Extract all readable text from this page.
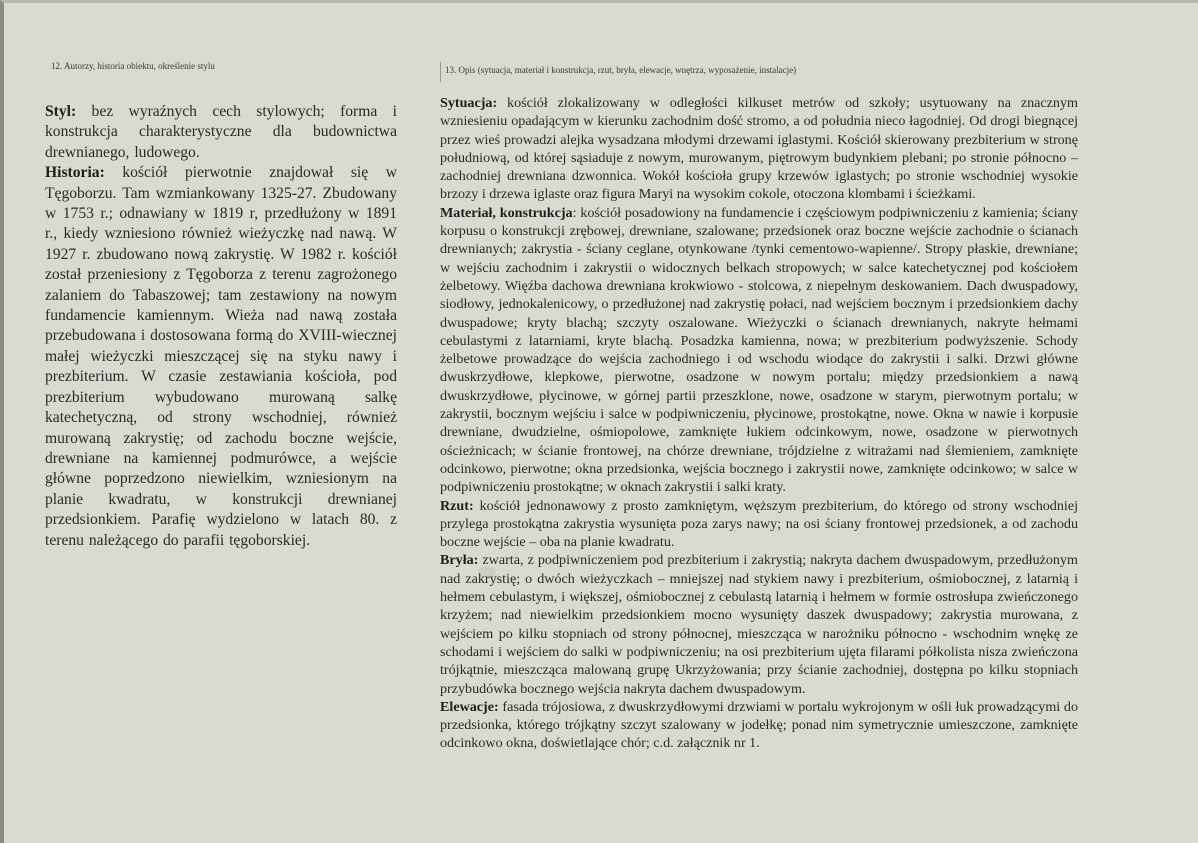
12. Autorzy, historia obiektu, określenie stylu

Styl: bez wyraźnych cech stylowych; forma i konstrukcja charakterystyczne dla budownictwa drewnianego, ludowego.

Historia: kościół pierwotnie znajdował się w Tęgoborzu. Tam wzmiankowany 1325-27. Zbudowany w 1753 r.; odnawiany w 1819 r, przedłużony w 1891 r., kiedy wzniesiono również wieżyczkę nad nawą. W 1927 r. zbudowano nową zakrystię. W 1982 r. kościół został przeniesiony z Tęgoborza z terenu zagrożonego zalaniem do Tabaszowej; tam zestawiony na nowym fundamencie kamiennym. Wieża nad nawą została przebudowana i dostosowana formą do XVIII-wiecznej małej wieżyczki mieszczącej się na styku nawy i prezbiterium. W czasie zestawiania kościoła, pod prezbiterium wybudowano murowaną salkę katechetyczną, od strony wschodniej, również murowaną zakrystię; od zachodu boczne wejście, drewniane na kamiennej podmurówce, a wejście główne poprzedzono niewielkim, wzniesionym na planie kwadratu, w konstrukcji drewnianej przedsionkiem. Parafię wydzielono w latach 80. z terenu należącego do parafii tęgoborskiej.

13. Opis (sytuacja, materiał i konstrukcja, rzut, bryła, elewacje, wnętrza, wyposażenie, instalacje)

Sytuacja: kościół zlokalizowany w odległości kilkuset metrów od szkoły; usytuowany na znacznym wzniesieniu opadającym w kierunku zachodnim dość stromo, a od południa nieco łagodniej. Od drogi biegnącej przez wieś prowadzi alejka wysadzana młodymi drzewami iglastymi. Kościół skierowany prezbiterium w stronę południową, od której sąsiaduje z nowym, murowanym, piętrowym budynkiem plebani; po stronie północno – zachodniej drewniana dzwonnica. Wokół kościoła grupy krzewów iglastych; po stronie wschodniej wysokie brzozy i drzewa iglaste oraz figura Maryi na wysokim cokole, otoczona klombami i ścieżkami.

Materiał, konstrukcja: kościół posadowiony na fundamencie i częściowym podpiwniczeniu z kamienia; ściany korpusu o konstrukcji zrębowej, drewniane, szalowane; przedsionek oraz boczne wejście zachodnie o ścianach drewnianych; zakrystia - ściany ceglane, otynkowane /tynki cementowo-wapienne/. Stropy płaskie, drewniane; w wejściu zachodnim i zakrystii o widocznych belkach stropowych; w salce katechetycznej pod kościołem żelbetowy. Więźba dachowa drewniana krokwiowo - stolcowa, z niepełnym deskowaniem. Dach dwuspadowy, siodłowy, jednokalenicowy, o przedłużonej nad zakrystię połaci, nad wejściem bocznym i przedsionkiem dachy dwuspadowe; kryty blachą; szczyty oszalowane. Wieżyczki o ścianach drewnianych, nakryte hełmami cebulastymi z latarniami, kryte blachą. Posadzka kamienna, nowa; w prezbiterium podwyższenie. Schody żelbetowe prowadzące do wejścia zachodniego i od wschodu wiodące do zakrystii i salki. Drzwi główne dwuskrzydłowe, klepkowe, pierwotne, osadzone w nowym portalu; między przedsionkiem a nawą dwuskrzydłowe, płycinowe, w górnej partii przeszklone, nowe, osadzone w starym, pierwotnym portalu; w zakrystii, bocznym wejściu i salce w podpiwniczeniu, płycinowe, prostokątne, nowe. Okna w nawie i korpusie drewniane, dwudzielne, ośmiopolowe, zamknięte łukiem odcinkowym, nowe, osadzone w pierwotnych ościeżnicach; w ścianie frontowej, na chórze drewniane, trójdzielne z witrażami nad ślemieniem, zamknięte odcinkowo, pierwotne; okna przedsionka, wejścia bocznego i zakrystii nowe, zamknięte odcinkowo; w salce w podpiwniczeniu prostokątne; w oknach zakrystii i salki kraty.

Rzut: kościół jednonawowy z prosto zamkniętym, węższym prezbiterium, do którego od strony wschodniej przylega prostokątna zakrystia wysunięta poza zarys nawy; na osi ściany frontowej przedsionek, a od zachodu boczne wejście – oba na planie kwadratu.

Bryła: zwarta, z podpiwniczeniem pod prezbiterium i zakrystią; nakryta dachem dwuspadowym, przedłużonym nad zakrystię; o dwóch wieżyczkach – mniejszej nad stykiem nawy i prezbiterium, ośmiobocznej, z latarnią i hełmem cebulastym, i większej, ośmiobocznej z cebulastą latarnią i hełmem w formie ostrosłupa zwieńczonego krzyżem; nad niewielkim przedsionkiem mocno wysunięty daszek dwuspadowy; zakrystia murowana, z wejściem po kilku stopniach od strony północnej, mieszcząca w narożniku północno - wschodnim wnękę ze schodami i wejściem do salki w podpiwniczeniu; na osi prezbiterium ujęta filarami półkolista nisza zwieńczona trójkątnie, mieszcząca malowaną grupę Ukrzyżowania; przy ścianie zachodniej, dostępna po kilku stopniach przybudówka bocznego wejścia nakryta dachem dwuspadowym.

Elewacje: fasada trójosiowa, z dwuskrzydłowymi drzwiami w portalu wykrojonym w ośli łuk prowadzącymi do przedsionka, którego trójkątny szczyt szalowany w jodełkę; ponad nim symetrycznie umieszczone, zamknięte odcinkowo okna, doświetlające chór; c.d. załącznik nr 1.
